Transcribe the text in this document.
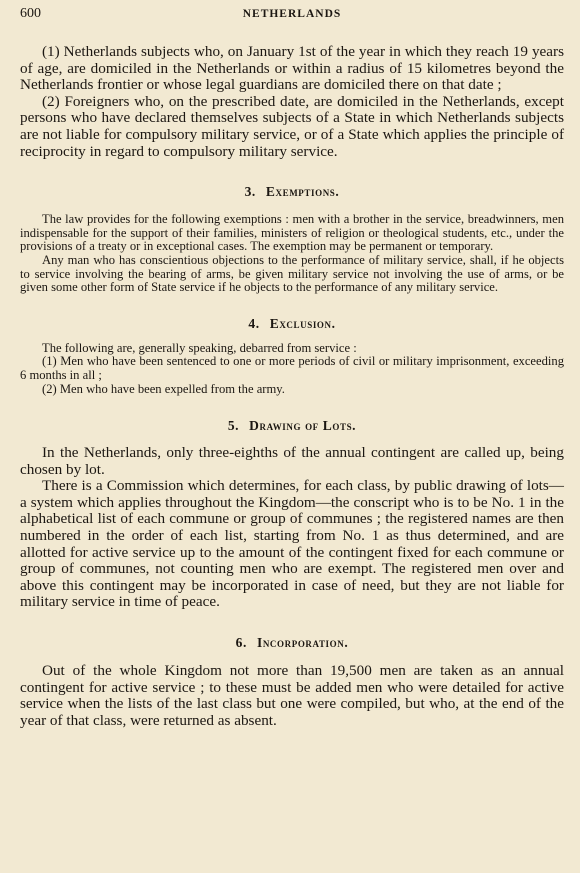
600	NETHERLANDS

(1) Netherlands subjects who, on January 1st of the year in which they reach 19 years of age, are domiciled in the Netherlands or within a radius of 15 kilometres beyond the Netherlands frontier or whose legal guardians are domiciled there on that date ;

(2) Foreigners who, on the prescribed date, are domiciled in the Netherlands, except persons who have declared themselves subjects of a State in which Netherlands subjects are not liable for compulsory military service, or of a State which applies the principle of reciprocity in regard to compulsory military service.

3. Exemptions.

The law provides for the following exemptions : men with a brother in the service, breadwinners, men indispensable for the support of their families, ministers of religion or theological students, etc., under the provisions of a treaty or in exceptional cases. The exemption may be permanent or temporary.

Any man who has conscientious objections to the performance of military service, shall, if he objects to service involving the bearing of arms, be given military service not involving the use of arms, or be given some other form of State service if he objects to the performance of any military service.

4. Exclusion.

The following are, generally speaking, debarred from service :

(1) Men who have been sentenced to one or more periods of civil or military imprisonment, exceeding 6 months in all ;

(2) Men who have been expelled from the army.

5. Drawing of Lots.

In the Netherlands, only three-eighths of the annual contingent are called up, being chosen by lot.

There is a Commission which determines, for each class, by public drawing of lots—a system which applies throughout the Kingdom—the conscript who is to be No. 1 in the alphabetical list of each commune or group of communes ; the registered names are then numbered in the order of each list, starting from No. 1 as thus determined, and are allotted for active service up to the amount of the contingent fixed for each commune or group of communes, not counting men who are exempt. The registered men over and above this contingent may be incorporated in case of need, but they are not liable for military service in time of peace.

6. Incorporation.

Out of the whole Kingdom not more than 19,500 men are taken as an annual contingent for active service ; to these must be added men who were detailed for active service when the lists of the last class but one were compiled, but who, at the end of the year of that class, were returned as absent.
